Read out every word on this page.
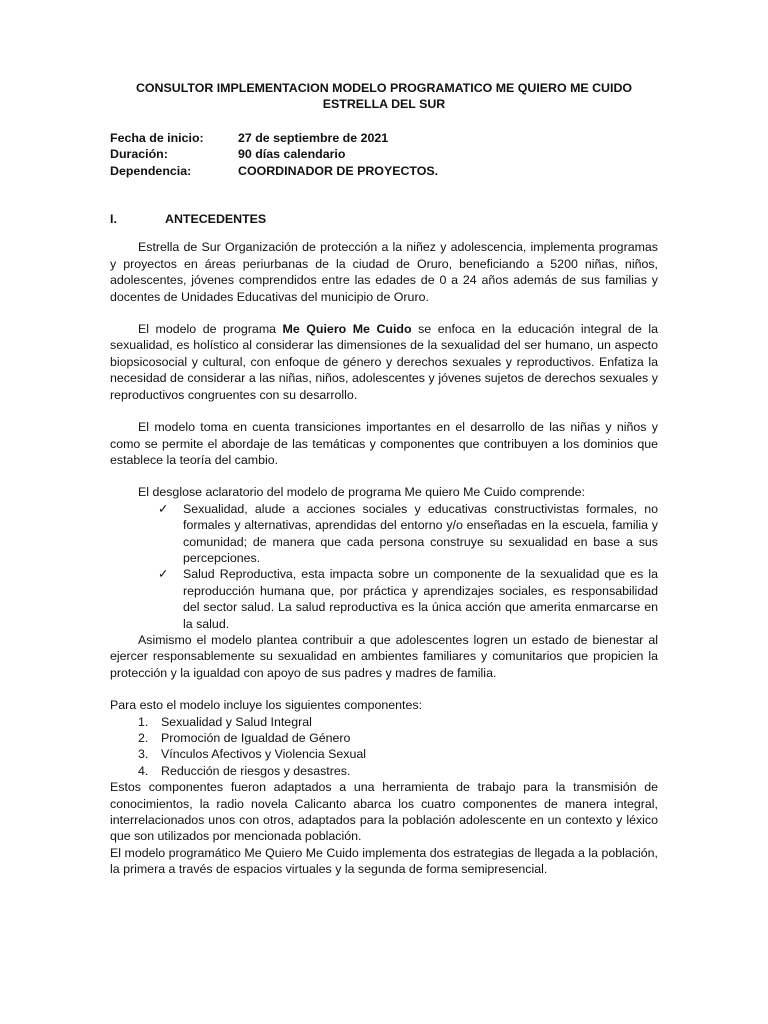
CONSULTOR IMPLEMENTACION MODELO PROGRAMATICO ME QUIERO ME CUIDO ESTRELLA DEL SUR
Fecha de inicio:	27 de septiembre de 2021
Duración:	90 días calendario
Dependencia:	COORDINADOR DE PROYECTOS.
I.	ANTECEDENTES

Estrella de Sur Organización de protección a la niñez y adolescencia, implementa programas y proyectos en áreas periurbanas de la ciudad de Oruro, beneficiando a 5200 niñas, niños, adolescentes, jóvenes comprendidos entre las edades de 0 a 24 años además de sus familias y docentes de Unidades Educativas del municipio de Oruro.

El modelo de programa Me Quiero Me Cuido se enfoca en la educación integral de la sexualidad, es holístico al considerar las dimensiones de la sexualidad del ser humano, un aspecto biopsicosocial y cultural, con enfoque de género y derechos sexuales y reproductivos. Enfatiza la necesidad de considerar a las niñas, niños, adolescentes y jóvenes sujetos de derechos sexuales y reproductivos congruentes con su desarrollo.

El modelo toma en cuenta transiciones importantes en el desarrollo de las niñas y niños y como se permite el abordaje de las temáticas y componentes que contribuyen a los dominios que establece la teoría del cambio.

El desglose aclaratorio del modelo de programa Me quiero Me Cuido comprende:

✓	Sexualidad, alude a acciones sociales y educativas constructivistas formales, no formales y alternativas, aprendidas del entorno y/o enseñadas en la escuela, familia y comunidad; de manera que cada persona construye su sexualidad en base a sus percepciones.
✓	Salud Reproductiva, esta impacta sobre un componente de la sexualidad que es la reproducción humana que, por práctica y aprendizajes sociales, es responsabilidad del sector salud. La salud reproductiva es la única acción que amerita enmarcarse en la salud.

Asimismo el modelo plantea contribuir a que adolescentes logren un estado de bienestar al ejercer responsablemente su sexualidad en ambientes familiares y comunitarios que propicien la protección y la igualdad con apoyo de sus padres y madres de familia.

Para esto el modelo incluye los siguientes componentes:

1.	Sexualidad y Salud Integral
2.	Promoción de Igualdad de Género
3.	Vínculos Afectivos y Violencia Sexual
4.	Reducción de riesgos y desastres.

Estos componentes fueron adaptados a una herramienta de trabajo para la transmisión de conocimientos, la radio novela Calicanto abarca los cuatro componentes de manera integral, interrelacionados unos con otros, adaptados para la población adolescente en un contexto y léxico que son utilizados por mencionada población.

El modelo programático Me Quiero Me Cuido implementa dos estrategias de llegada a la población, la primera a través de espacios virtuales y la segunda de forma semipresencial.
